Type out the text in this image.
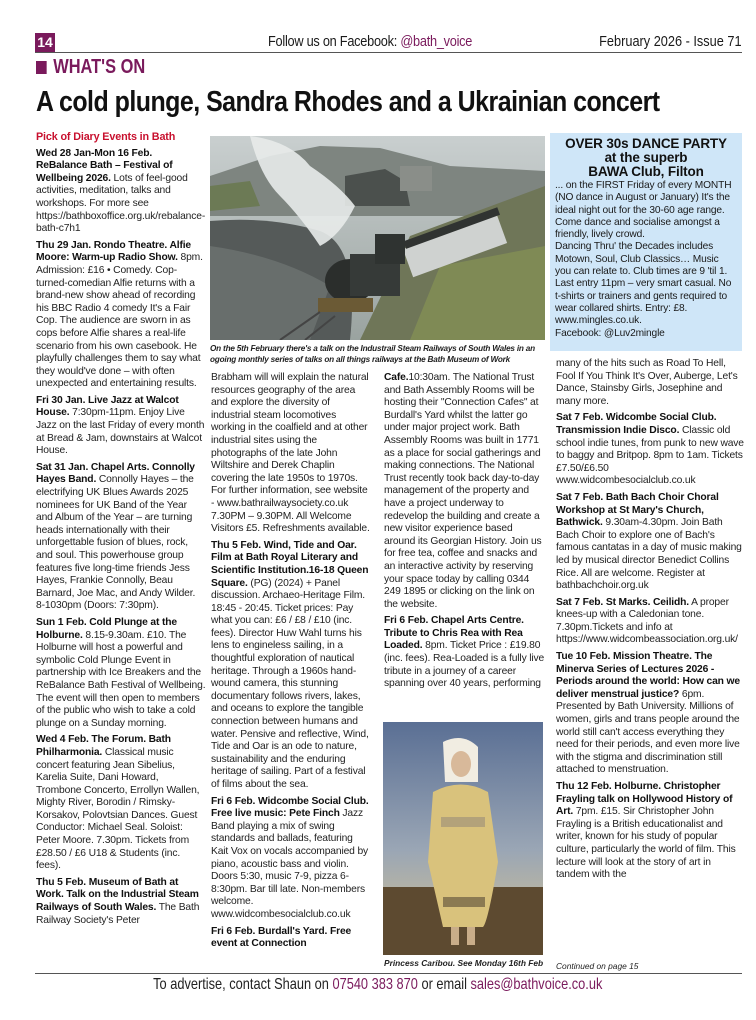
14	Follow us on Facebook: @bath_voice	February 2026 - Issue 71
WHAT'S ON
A cold plunge, Sandra Rhodes and a Ukrainian concert
Pick of Diary Events in Bath

Wed 28 Jan-Mon 16 Feb. ReBalance Bath – Festival of Wellbeing 2026. Lots of feel-good activities, meditation, talks and workshops. For more see https://bathboxoffice.org.uk/rebalance-bath-c7h1

Thu 29 Jan. Rondo Theatre. Alfie Moore: Warm-up Radio Show. 8pm. Admission: £16 • Comedy. Cop-turned-comedian Alfie returns with a brand-new show ahead of recording his BBC Radio 4 comedy It's a Fair Cop. The audience are sworn in as cops before Alfie shares a real-life scenario from his own casebook. He playfully challenges them to say what they would've done – with often unexpected and entertaining results.

Fri 30 Jan. Live Jazz at Walcot House. 7:30pm-11pm. Enjoy Live Jazz on the last Friday of every month at Bread & Jam, downstairs at Walcot House.

Sat 31 Jan. Chapel Arts. Connolly Hayes Band. Connolly Hayes – the electrifying UK Blues Awards 2025 nominees for UK Band of the Year and Album of the Year – are turning heads internationally with their unforgettable fusion of blues, rock, and soul. This powerhouse group features five long-time friends Jess Hayes, Frankie Connolly, Beau Barnard, Joe Mac, and Andy Wilder. 8-1030pm (Doors: 7:30pm).

Sun 1 Feb. Cold Plunge at the Holburne. 8.15-9.30am. £10. The Holburne will host a powerful and symbolic Cold Plunge Event in partnership with Ice Breakers and the ReBalance Bath Festival of Wellbeing. The event will then open to members of the public who wish to take a cold plunge on a Sunday morning.

Wed 4 Feb. The Forum. Bath Philharmonia. Classical music concert featuring Jean Sibelius, Karelia Suite, Dani Howard, Trombone Concerto, Errollyn Wallen, Mighty River, Borodin / Rimsky-Korsakov, Polovtsian Dances. Guest Conductor: Michael Seal. Soloist: Peter Moore. 7.30pm. Tickets from £28.50 / £6 U18 & Students (inc. fees).

Thu 5 Feb. Museum of Bath at Work. Talk on the Industrial Steam Railways of South Wales. The Bath Railway Society's Peter

On the 5th February there's a talk on the Industrail Steam Railways of South Wales in an ogoing monthly series of talks on all things railways at the Bath Museum of Work
OVER 30s DANCE PARTY
at the superb
BAWA Club, Filton
... on the FIRST Friday of every MONTH (NO dance in August or January) It's the ideal night out for the 30-60 age range. Come dance and socialise amongst a friendly, lively crowd.
Dancing Thru' the Decades includes Motown, Soul, Club Classics… Music you can relate to. Club times are 9 'til 1. Last entry 11pm – very smart casual. No t-shirts or trainers and gents required to wear collared shirts. Entry: £8.
www.mingles.co.uk.
Facebook: @Luv2mingle

Brabham will will explain the natural resources geography of the area and explore the diversity of industrial steam locomotives working in the coalfield and at other industrial sites using the photographs of the late John Wiltshire and Derek Chaplin covering the late 1950s to 1970s. For further information, see website - www.bathrailwaysociety.co.uk 7.30PM – 9.30PM. All Welcome Visitors £5. Refreshments available.

Thu 5 Feb. Wind, Tide and Oar. Film at Bath Royal Literary and Scientific Institution.16-18 Queen Square. (PG) (2024) + Panel discussion. Archaeo-Heritage Film. 18:45 - 20:45. Ticket prices: Pay what you can: £6 / £8 / £10 (inc. fees). Director Huw Wahl turns his lens to engineless sailing, in a thoughtful exploration of nautical heritage. Through a 1960s hand-wound camera, this stunning documentary follows rivers, lakes, and oceans to explore the tangible connection between humans and water. Pensive and reflective, Wind, Tide and Oar is an ode to nature, sustainability and the enduring heritage of sailing. Part of a festival of films about the sea.

Fri 6 Feb. Widcombe Social Club. Free live music: Pete Finch Jazz Band playing a mix of swing standards and ballads, featuring Kait Vox on vocals accompanied by piano, acoustic bass and violin. Doors 5:30, music 7-9, pizza 6-8:30pm. Bar till late. Non-members welcome. www.widcombesocialclub.co.uk

Fri 6 Feb. Burdall's Yard. Free event at Connection

Cafe.10:30am. The National Trust and Bath Assembly Rooms will be hosting their "Connection Cafes" at Burdall's Yard whilst the latter go under major project work. Bath Assembly Rooms was built in 1771 as a place for social gatherings and making connections. The National Trust recently took back day-to-day management of the property and have a project underway to redevelop the building and create a new visitor experience based around its Georgian History. Join us for free tea, coffee and snacks and an interactive activity by reserving your space today by calling 0344 249 1895 or clicking on the link on the website.

Fri 6 Feb. Chapel Arts Centre. Tribute to Chris Rea with Rea Loaded. 8pm. Ticket Price : £19.80 (inc. fees). Rea-Loaded is a fully live tribute in a journey of a career spanning over 40 years, performing

Princess Caribou. See Monday 16th Feb

many of the hits such as Road To Hell, Fool If You Think It's Over, Auberge, Let's Dance, Stainsby Girls, Josephine and many more.

Sat 7 Feb. Widcombe Social Club. Transmission Indie Disco. Classic old school indie tunes, from punk to new wave to baggy and Britpop. 8pm to 1am. Tickets £7.50/£6.50 www.widcombesocialclub.co.uk

Sat 7 Feb. Bath Bach Choir Choral Workshop at St Mary's Church, Bathwick. 9.30am-4.30pm. Join Bath Bach Choir to explore one of Bach's famous cantatas in a day of music making led by musical director Benedict Collins Rice. All are welcome. Register at bathbachchoir.org.uk

Sat 7 Feb. St Marks. Ceilidh. A proper knees-up with a Caledonian tone. 7.30pm.Tickets and info at https://www.widcombeassociation.org.uk/

Tue 10 Feb. Mission Theatre. The Minerva Series of Lectures 2026 - Periods around the world: How can we deliver menstrual justice? 6pm. Presented by Bath University. Millions of women, girls and trans people around the world still can't access everything they need for their periods, and even more live with the stigma and discrimination still attached to menstruation.

Thu 12 Feb. Holburne. Christopher Frayling talk on Hollywood History of Art. 7pm. £15. Sir Christopher John Frayling is a British educationalist and writer, known for his study of popular culture, particularly the world of film. This lecture will look at the story of art in tandem with the

Continued on page 15
To advertise, contact Shaun on 07540 383 870 or email sales@bathvoice.co.uk
